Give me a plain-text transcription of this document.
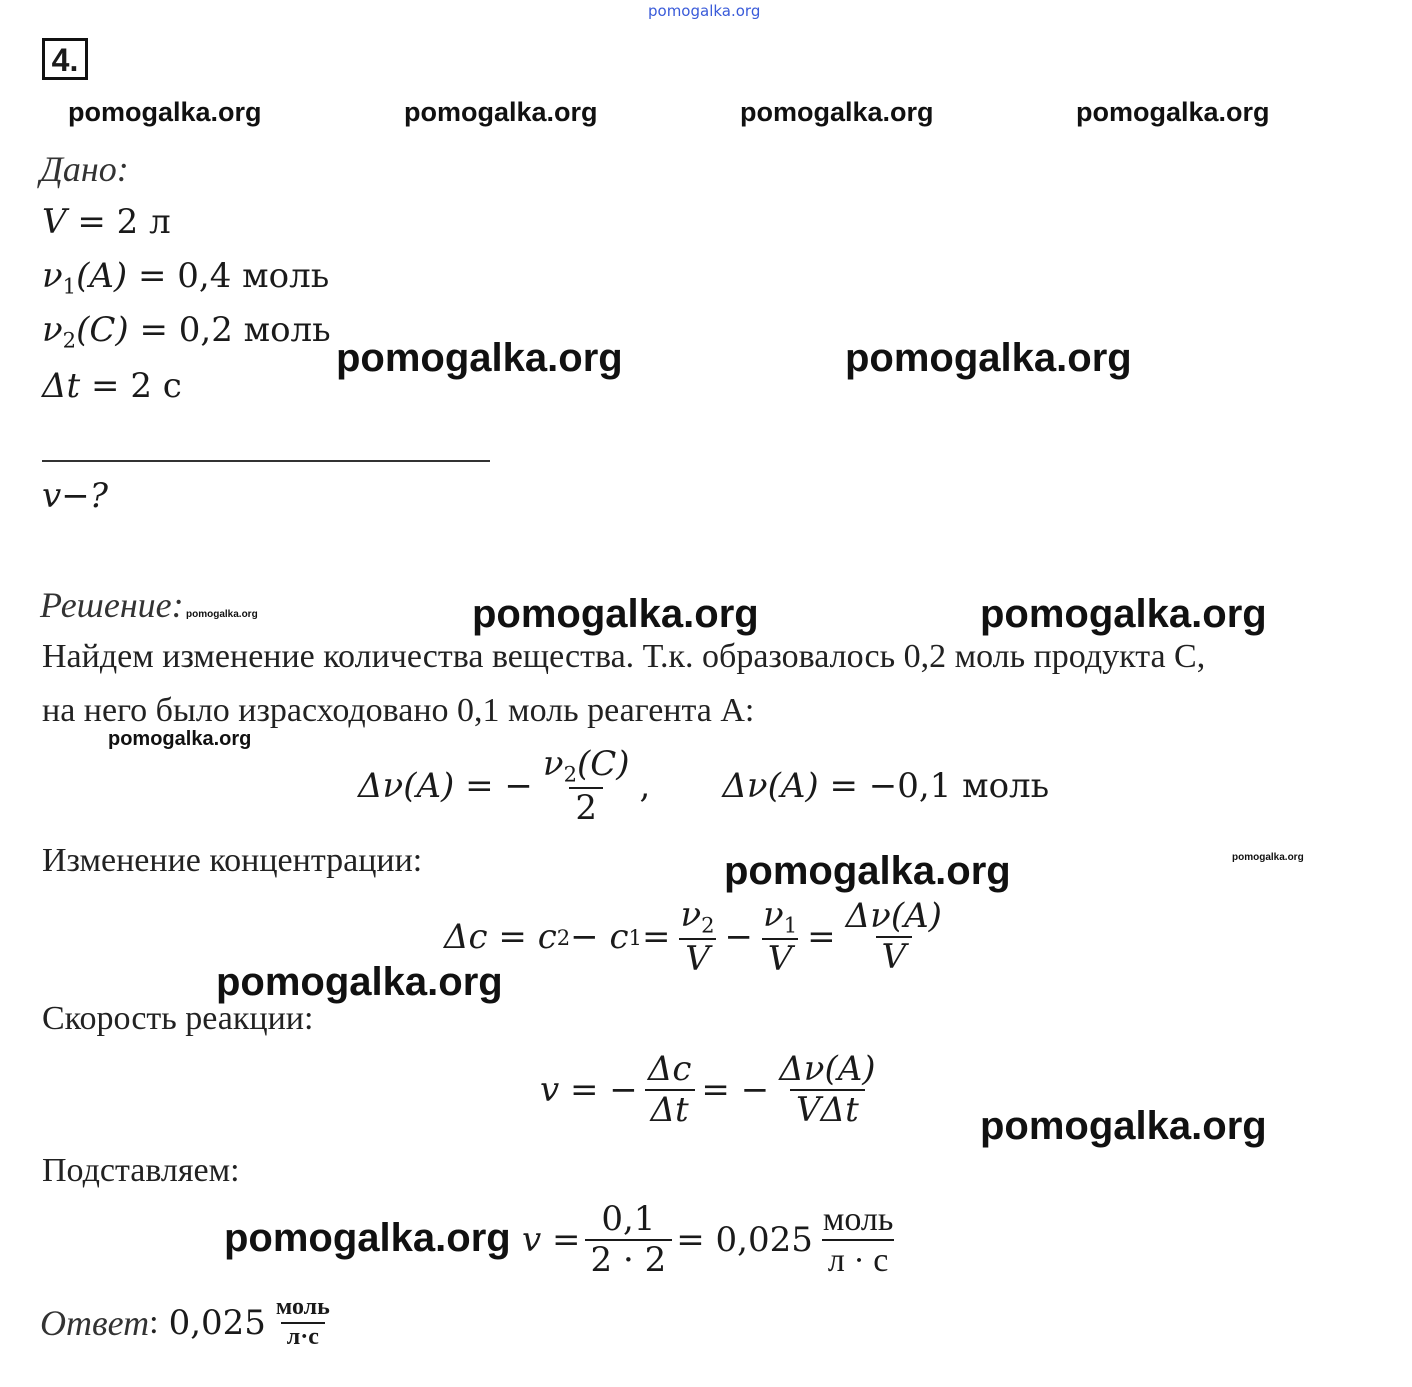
pomogalka.org
4.
pomogalka.org	pomogalka.org	pomogalka.org	pomogalka.org
Дано:
V = 2 л
$\nu_1(A) = 0,4$ моль
$\nu_2(C) = 0,2$ моль
Δt = 2 с
pomogalka.org	pomogalka.org
v−?
Решение: pomogalka.org	pomogalka.org	pomogalka.org
Найдем изменение количества вещества. Т.к. образовалось 0,2 моль продукта С,
на него было израсходовано 0,1 моль реагента А:
pomogalka.org
Δν(A) = − $\frac{\nu_2(C)}{2}$ , Δν(A) = − 0,1 моль
Изменение концентрации:	pomogalka.org	pomogalka.org
Δc = c 2 − c $1 = \frac{\nu_2}{V} - \frac{\nu_1}{V} = \frac{\Delta\nu(A)}{V}$
pomogalka.org
Скорость реакции:
v = − $\frac{\Delta c}{\Delta t}$ = − $\frac{\Delta\nu(A)}{\text{VΔt}}$ pomogalka.org
Подставляем:
pomogalka.org $v = \frac{0,1}{2 \cdot 2} = 0,025 \frac{\text{моль}}{л \cdot с}$
Ответ : $0,025 \frac{\text{моль}}{л\cdot с}$
